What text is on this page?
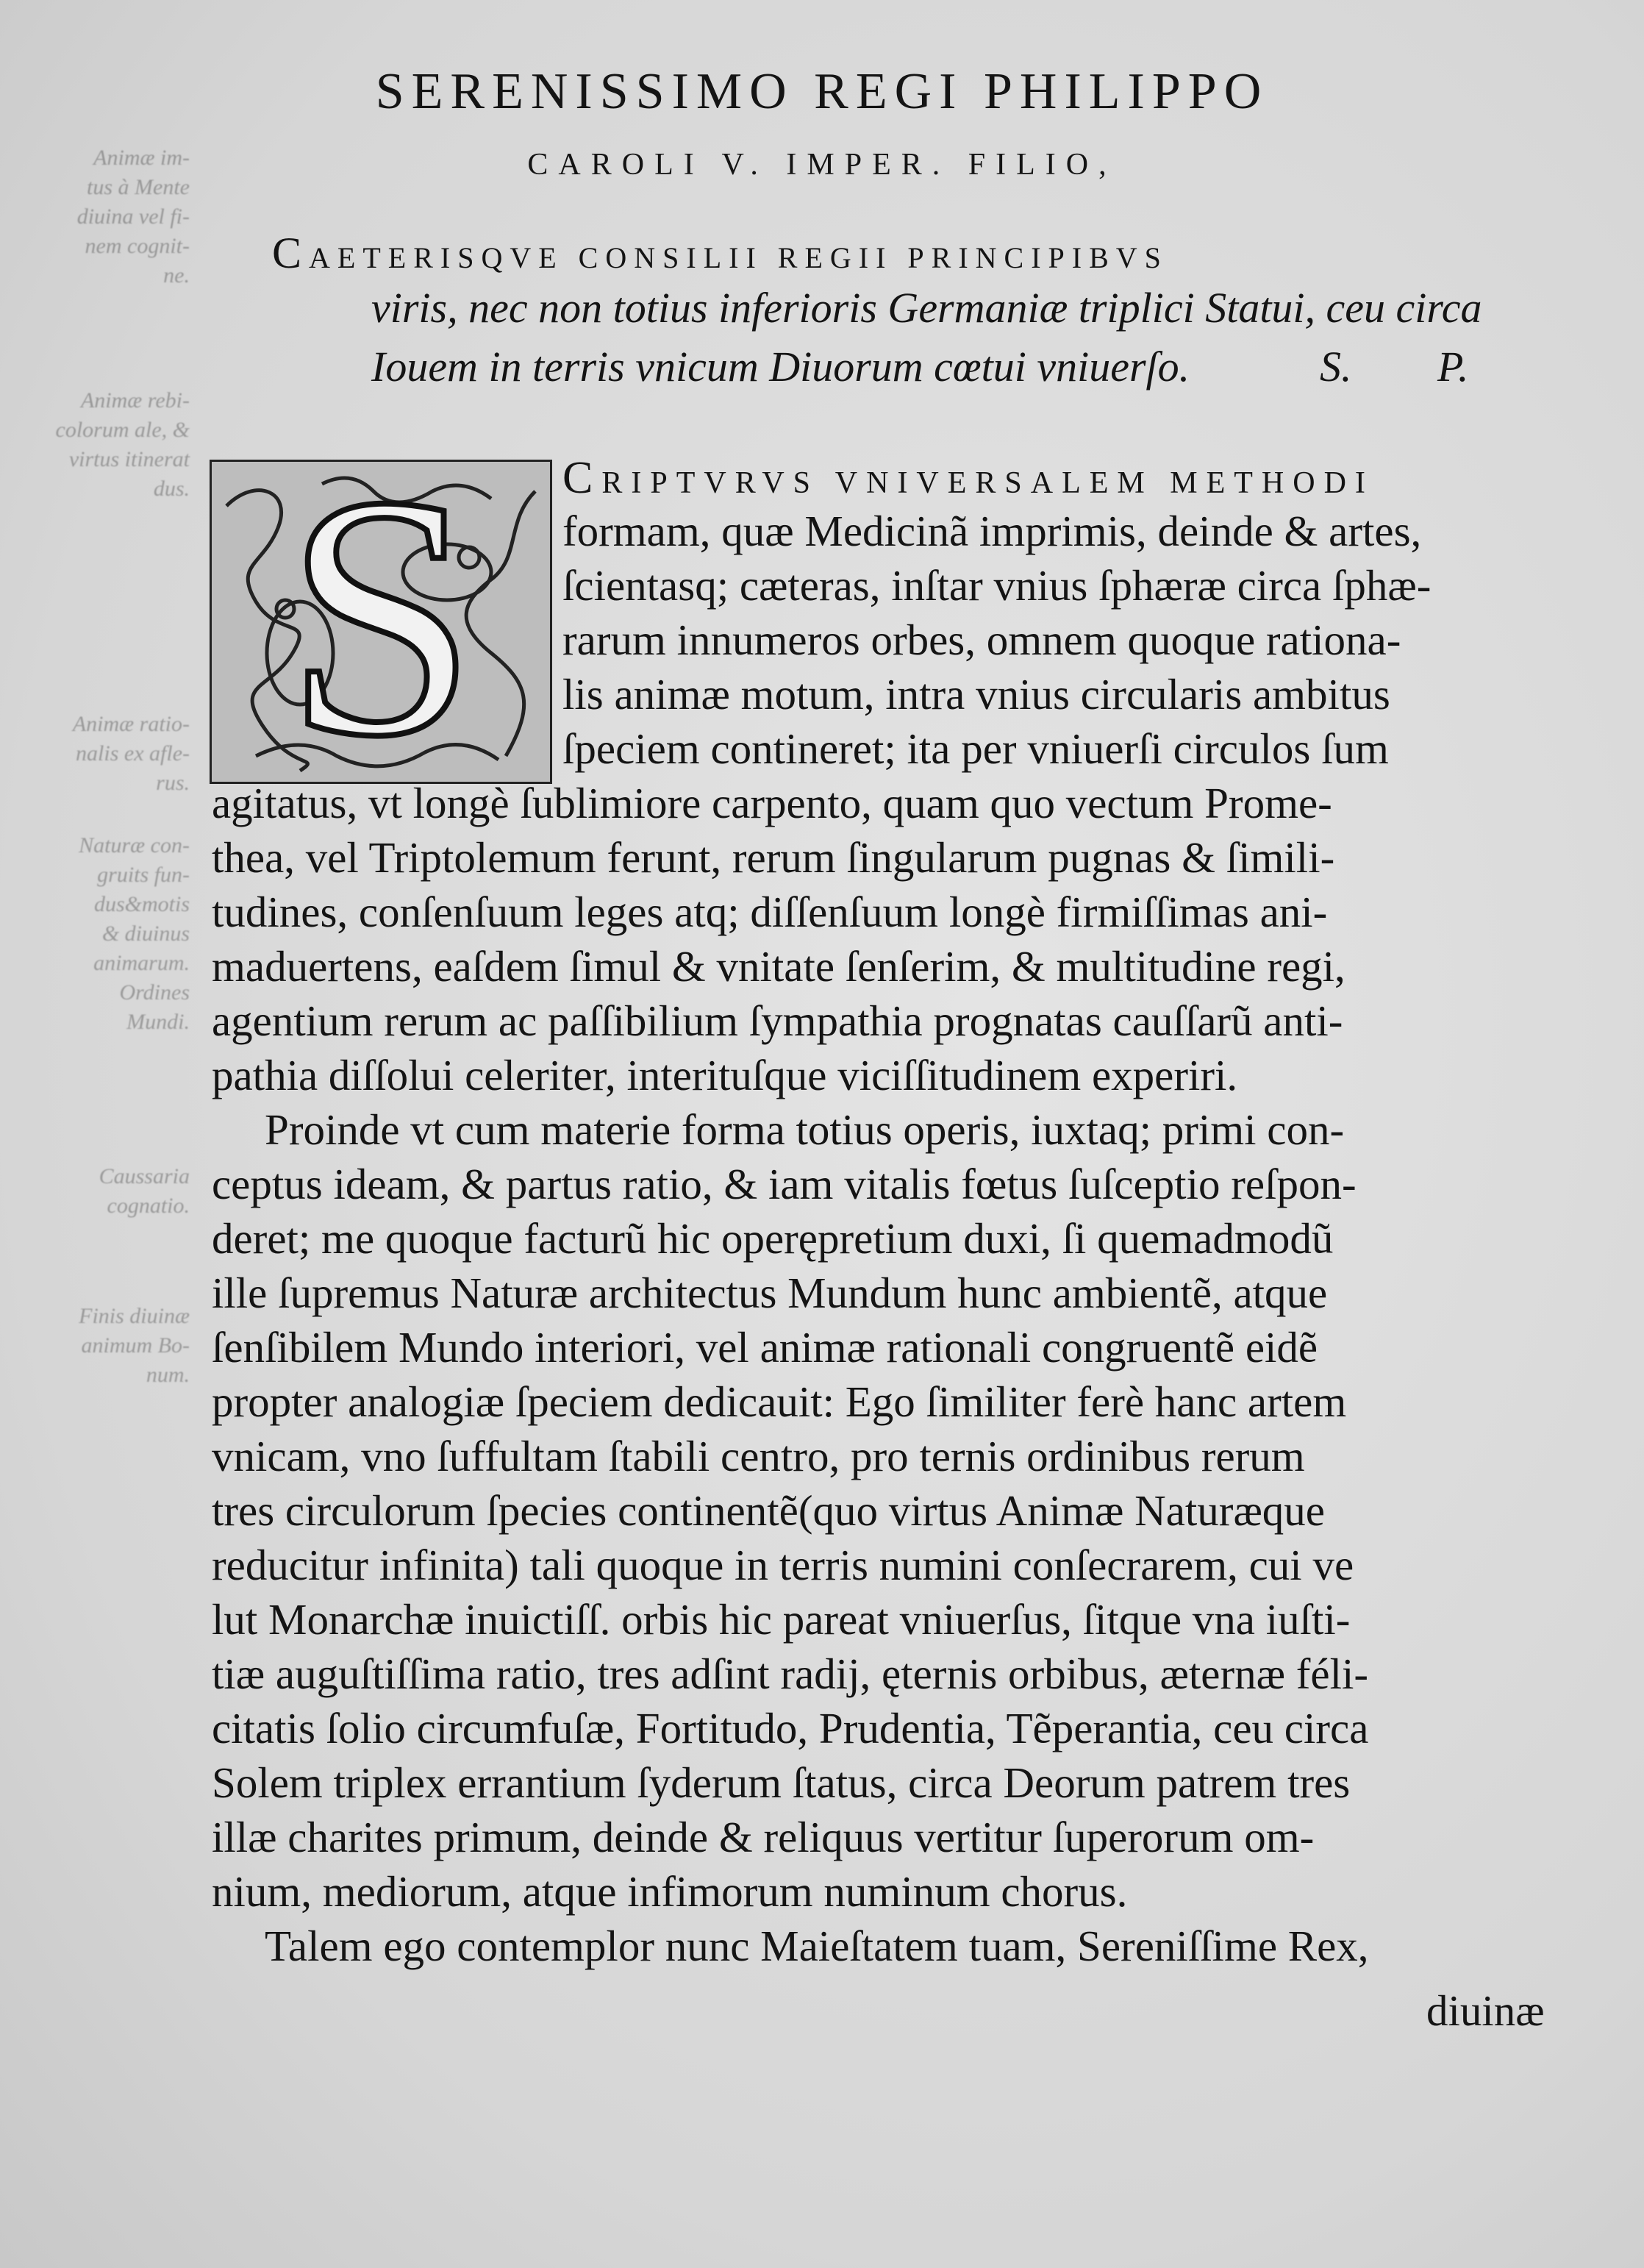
Animæ im-
tus à Mente
diuina vel fi-
nem cognit-
ne.
Animæ rebi-
colorum ale, &
virtus itinerat
dus.
Animæ ratio-
nalis ex afle-
rus.
Naturæ con-
gruits fun-
dus&motis
& diuinus
animarum.
Ordines
Mundi.
Caussaria
cognatio.
Finis diuinæ
animum Bo-
num.
SERENISSIMO REGI PHILIPPO
CAROLI V. IMPER. FILIO,
CAETERISQVE CONSILII REGII PRINCIPIBVS
viris, nec non totius inferioris Germaniæ triplici Statui, ceu circa
Iouem in terris vnicum Diuorum cœtui vniuerſo.	S. P.
S	CRIPTVRVS VNIVERSALEM METHODI
formam, quæ Medicinã imprimis, deinde & artes,
ſcientasq; cæteras, inſtar vnius ſphæræ circa ſphæ-
rarum innumeros orbes, omnem quoque rationa-
lis animæ motum, intra vnius circularis ambitus
ſpeciem contineret; ita per vniuerſi circulos ſum
agitatus, vt longè ſublimiore carpento, quam quo vectum Prome-
thea, vel Triptolemum ferunt, rerum ſingularum pugnas & ſimili-
tudines, conſenſuum leges atq; diſſenſuum longè firmiſſimas ani-
maduertens, eaſdem ſimul & vnitate ſenſerim, & multitudine regi,
agentium rerum ac paſſibilium ſympathia prognatas cauſſarũ anti-
pathia diſſolui celeriter, interituſque viciſſitudinem experiri.
Proinde vt cum materie forma totius operis, iuxtaq; primi con-
ceptus ideam, & partus ratio, & iam vitalis fœtus ſuſceptio reſpon-
deret; me quoque facturũ hic operępretium duxi, ſi quemadmodũ
ille ſupremus Naturæ architectus Mundum hunc ambientẽ, atque
ſenſibilem Mundo interiori, vel animæ rationali congruentẽ eidẽ
propter analogiæ ſpeciem dedicauit: Ego ſimiliter ferè hanc artem
vnicam, vno ſuffultam ſtabili centro, pro ternis ordinibus rerum
tres circulorum ſpecies continentẽ(quo virtus Animæ Naturæque
reducitur infinita) tali quoque in terris numini conſecrarem, cui ve
lut Monarchæ inuictiſſ. orbis hic pareat vniuerſus, ſitque vna iuſti-
tiæ auguſtiſſima ratio, tres adſint radij, ęternis orbibus, æternæ féli-
citatis ſolio circumfuſæ, Fortitudo, Prudentia, Tẽperantia, ceu circa
Solem triplex errantium ſyderum ſtatus, circa Deorum patrem tres
illæ charites primum, deinde & reliquus vertitur ſuperorum om-
nium, mediorum, atque infimorum numinum chorus.
Talem ego contemplor nunc Maieſtatem tuam, Sereniſſime Rex,
diuinæ
